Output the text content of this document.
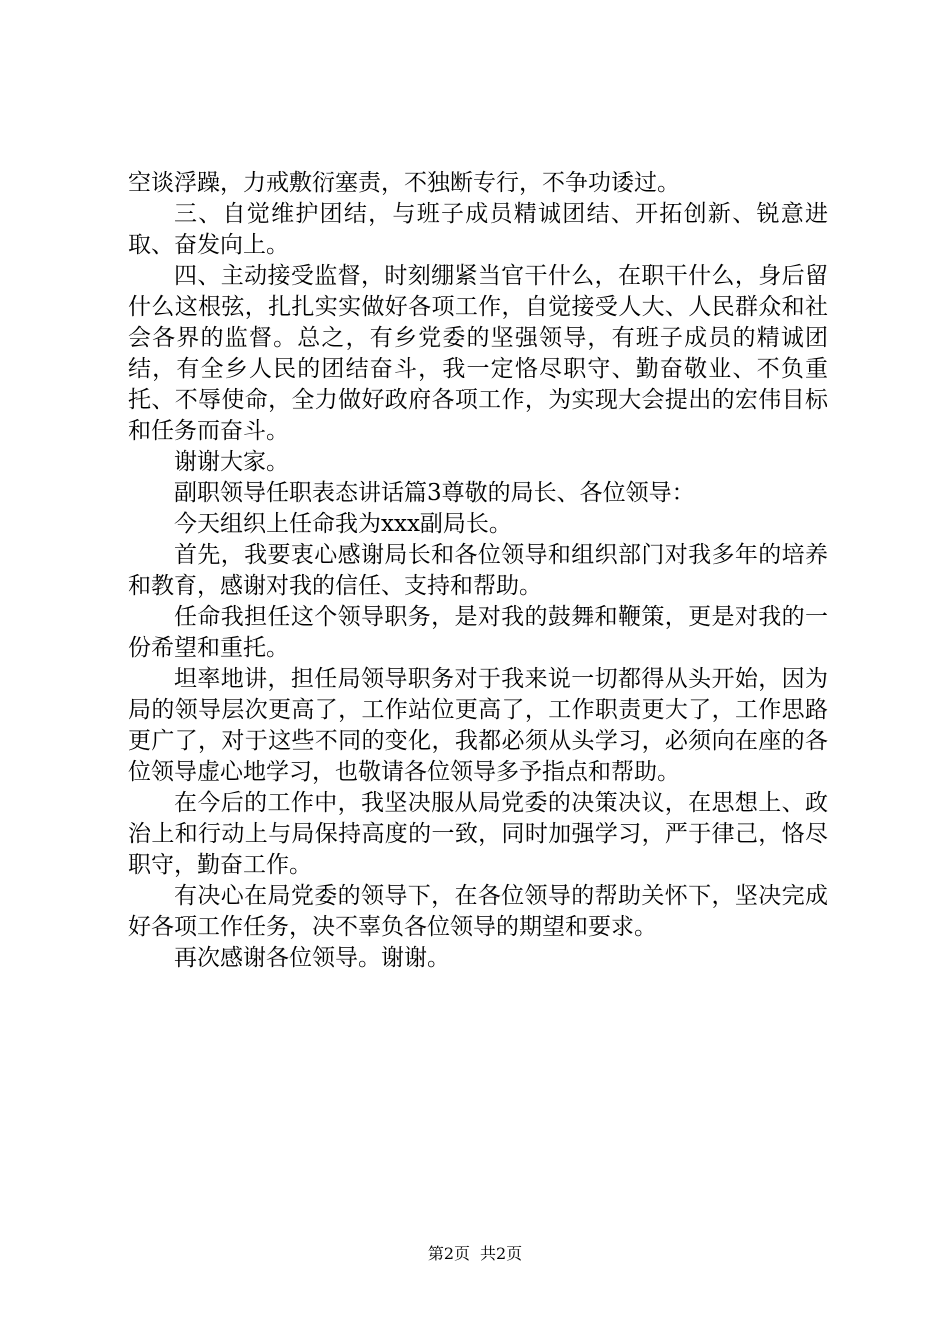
空谈浮躁，力戒敷衍塞责，不独断专行，不争功诿过。

三、自觉维护团结，与班子成员精诚团结、开拓创新、锐意进取、奋发向上。

四、主动接受监督，时刻绷紧当官干什么，在职干什么，身后留什么这根弦，扎扎实实做好各项工作，自觉接受人大、人民群众和社会各界的监督。总之，有乡党委的坚强领导，有班子成员的精诚团结，有全乡人民的团结奋斗，我一定恪尽职守、勤奋敬业、不负重托、不辱使命，全力做好政府各项工作，为实现大会提出的宏伟目标和任务而奋斗。

谢谢大家。

副职领导任职表态讲话篇3尊敬的局长、各位领导：

今天组织上任命我为xxx副局长。

首先，我要衷心感谢局长和各位领导和组织部门对我多年的培养和教育，感谢对我的信任、支持和帮助。

任命我担任这个领导职务，是对我的鼓舞和鞭策，更是对我的一份希望和重托。

坦率地讲，担任局领导职务对于我来说一切都得从头开始，因为局的领导层次更高了，工作站位更高了，工作职责更大了，工作思路更广了，对于这些不同的变化，我都必须从头学习，必须向在座的各位领导虚心地学习，也敬请各位领导多予指点和帮助。

在今后的工作中，我坚决服从局党委的决策决议，在思想上、政治上和行动上与局保持高度的一致，同时加强学习，严于律己，恪尽职守，勤奋工作。

有决心在局党委的领导下，在各位领导的帮助关怀下，坚决完成好各项工作任务，决不辜负各位领导的期望和要求。

再次感谢各位领导。谢谢。

第2页 共2页
